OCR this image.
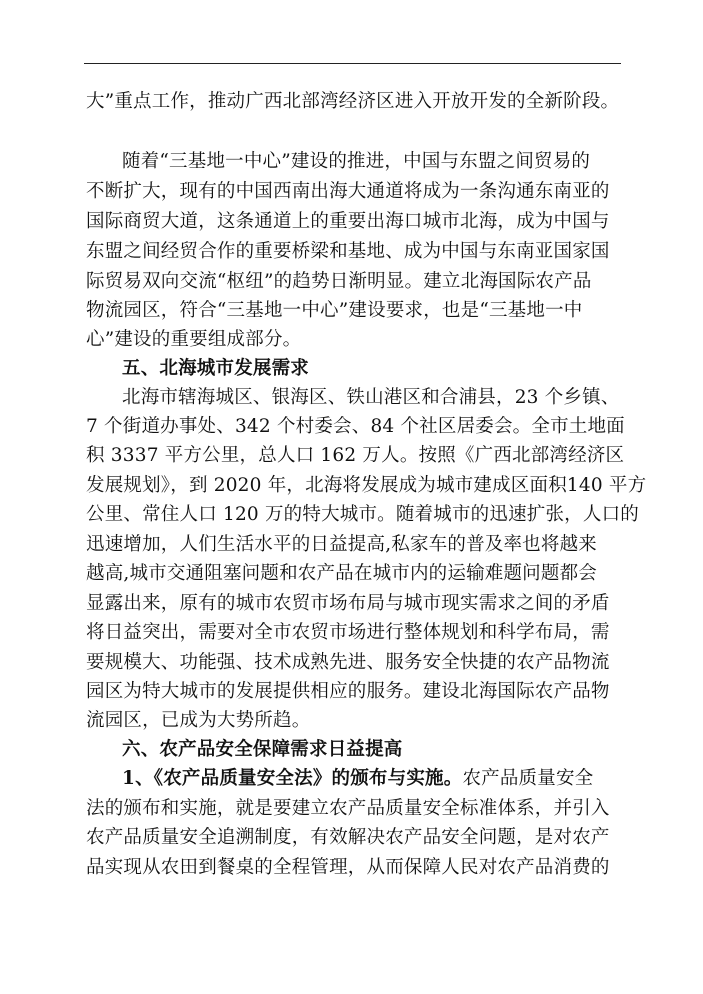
大”重点工作，推动广西北部湾经济区进入开放开发的全新阶段。
随着“三基地一中心”建设的推进，中国与东盟之间贸易的
不断扩大，现有的中国西南出海大通道将成为一条沟通东南亚的
国际商贸大道，这条通道上的重要出海口城市北海，成为中国与
东盟之间经贸合作的重要桥梁和基地、成为中国与东南亚国家国
际贸易双向交流“枢纽”的趋势日渐明显。建立北海国际农产品
物流园区，符合“三基地一中心”建设要求，也是“三基地一中
心”建设的重要组成部分。
五、北海城市发展需求
北海市辖海城区、银海区、铁山港区和合浦县，23 个乡镇、
7 个街道办事处、342 个村委会、84 个社区居委会。全市土地面
积 3337 平方公里，总人口 162 万人。按照《广西北部湾经济区
发展规划》，到 2020 年，北海将发展成为城市建成区面积140 平方
公里、常住人口 120 万的特大城市。随着城市的迅速扩张，人口的
迅速增加，人们生活水平的日益提高,私家车的普及率也将越来
越高,城市交通阻塞问题和农产品在城市内的运输难题问题都会
显露出来，原有的城市农贸市场布局与城市现实需求之间的矛盾
将日益突出，需要对全市农贸市场进行整体规划和科学布局，需
要规模大、功能强、技术成熟先进、服务安全快捷的农产品物流
园区为特大城市的发展提供相应的服务。建设北海国际农产品物
流园区，已成为大势所趋。
六、农产品安全保障需求日益提高
1、《农产品质量安全法》的颁布与实施。农产品质量安全
法的颁布和实施，就是要建立农产品质量安全标准体系，并引入
农产品质量安全追溯制度，有效解决农产品安全问题，是对农产
品实现从农田到餐桌的全程管理，从而保障人民对农产品消费的
